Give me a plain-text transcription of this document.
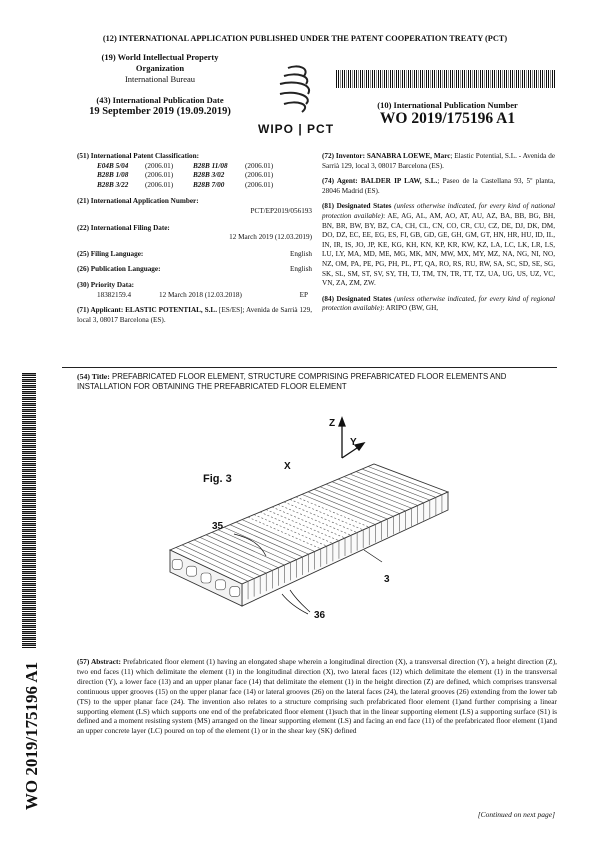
(12) INTERNATIONAL APPLICATION PUBLISHED UNDER THE PATENT COOPERATION TREATY (PCT)
(19) World Intellectual Property
Organization
International Bureau
(43) International Publication Date
19 September 2019 (19.09.2019)
WIPO | PCT
(10) International Publication Number
WO 2019/175196 A1
(51) International Patent Classification:
E04B 5/04 (2006.01)	B28B 11/08 (2006.01)
B28B 1/08 (2006.01)	B28B 3/02	(2006.01)
B28B 3/22 (2006.01)	B28B 7/00	(2006.01)
(21) International Application Number:
PCT/EP2019/056193
(22) International Filing Date:
12 March 2019 (12.03.2019)
(25) Filing Language:	English
(26) Publication Language:	English
(30) Priority Data:
18382159.4	12 March 2018 (12.03.2018)	EP
(71) Applicant: ELASTIC POTENTIAL, S.L. [ES/ES]; Avenida de Sarrià 129, local 3, 08017 Barcelona (ES).
(72) Inventor: SANABRA LOEWE, Marc; Elastic Potential, S.L. - Avenida de Sarrià 129, local 3, 08017 Barcelona (ES).
(74) Agent: BALDER IP LAW, S.L.; Paseo de la Castellana 93, 5º planta, 28046 Madrid (ES).
(81) Designated States (unless otherwise indicated, for every kind of national protection available): AE, AG, AL, AM, AO, AT, AU, AZ, BA, BB, BG, BH, BN, BR, BW, BY, BZ, CA, CH, CL, CN, CO, CR, CU, CZ, DE, DJ, DK, DM, DO, DZ, EC, EE, EG, ES, FI, GB, GD, GE, GH, GM, GT, HN, HR, HU, ID, IL, IN, IR, IS, JO, JP, KE, KG, KH, KN, KP, KR, KW, KZ, LA, LC, LK, LR, LS, LU, LY, MA, MD, ME, MG, MK, MN, MW, MX, MY, MZ, NA, NG, NI, NO, NZ, OM, PA, PE, PG, PH, PL, PT, QA, RO, RS, RU, RW, SA, SC, SD, SE, SG, SK, SL, SM, ST, SV, SY, TH, TJ, TM, TN, TR, TT, TZ, UA, UG, US, UZ, VC, VN, ZA, ZM, ZW.
(84) Designated States (unless otherwise indicated, for every kind of regional protection available): ARIPO (BW, GH,
WO 2019/175196 A1
(54) Title: PREFABRICATED FLOOR ELEMENT, STRUCTURE COMPRISING PREFABRICATED FLOOR ELEMENTS AND INSTALLATION FOR OBTAINING THE PREFABRICATED FLOOR ELEMENT
Fig. 3
Z
Y
X
35
3
36
(57) Abstract: Prefabricated floor element (1) having an elongated shape wherein a longitudinal direction (X), a transversal direction (Y), a height direction (Z), two end faces (11) which delimitate the element (1) in the longitudinal direction (X), two lateral faces (12) which delimitate the element (1) in the transversal direction (Y), a lower face (13) and an upper planar face (14) that delimitate the element (1) in the height direction (Z) are defined, which comprises transversal continuous upper grooves (15) on the upper planar face (14) or lateral grooves (26) on the lateral faces (24), the lateral grooves (26) extending from the lower tab (TS) to the upper planar face (24). The invention also relates to a structure comprising such prefabricated floor element (1)and further comprising a linear supporting element (LS) which supports one end of the prefabricated floor element (1)such that in the linear supporting element (LS) a supporting surface (S1) is defined and a moment resisting system (MS) arranged on the linear supporting element (LS) and facing an end face (11) of the prefabricated floor element (1)and an upper concrete layer (LC) poured on top of the element (1) or in the shear key (SK) defined
[Continued on next page]
